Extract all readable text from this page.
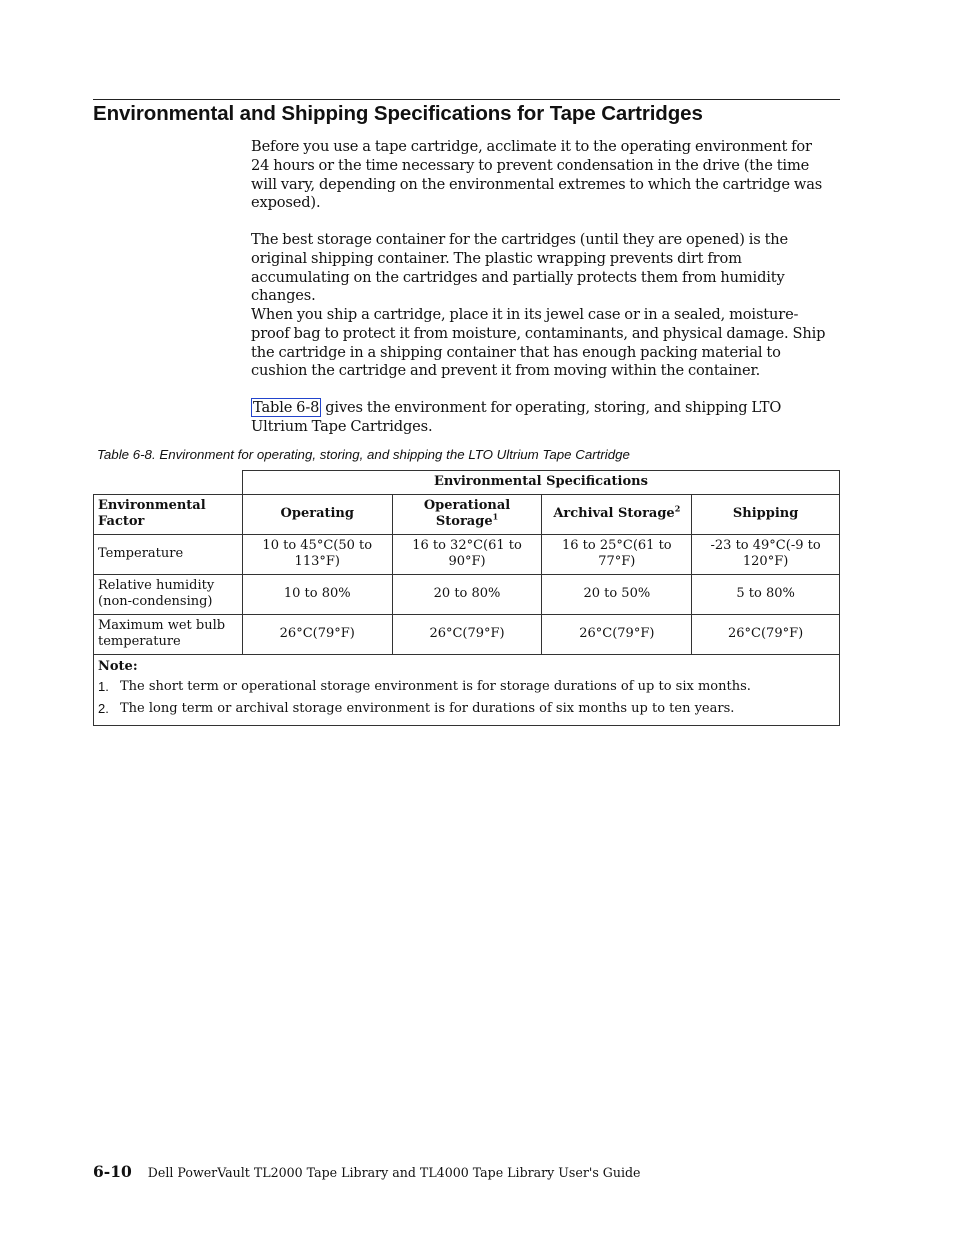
Environmental and Shipping Specifications for Tape Cartridges

Before you use a tape cartridge, acclimate it to the operating environment for 24 hours or the time necessary to prevent condensation in the drive (the time will vary, depending on the environmental extremes to which the cartridge was exposed).

The best storage container for the cartridges (until they are opened) is the original shipping container. The plastic wrapping prevents dirt from accumulating on the cartridges and partially protects them from humidity changes.

When you ship a cartridge, place it in its jewel case or in a sealed, moisture-proof bag to protect it from moisture, contaminants, and physical damage. Ship the cartridge in a shipping container that has enough packing material to cushion the cartridge and prevent it from moving within the container.

Table 6-8 gives the environment for operating, storing, and shipping LTO Ultrium Tape Cartridges.

Table 6-8. Environment for operating, storing, and shipping the LTO Ultrium Tape Cartridge

	Environmental Specifications			
Environmental Factor	Operating	Operational Storage$^1$	Archival Storage$^2$	Shipping
Temperature	10 to 45°C(50 to 113°F)	16 to 32°C(61 to 90°F)	16 to 25°C(61 to 77°F)	-23 to 49°C(-9 to 120°F)
Relative humidity (non-condensing)	10 to 80%	20 to 80%	20 to 50%	5 to 80%
Maximum wet bulb temperature	26°C(79°F)	26°C(79°F)	26°C(79°F)	26°C(79°F)

Note:
1. The short term or operational storage environment is for storage durations of up to six months.
2. The long term or archival storage environment is for durations of six months up to ten years.				
6-10 Dell PowerVault TL2000 Tape Library and TL4000 Tape Library User's Guide
